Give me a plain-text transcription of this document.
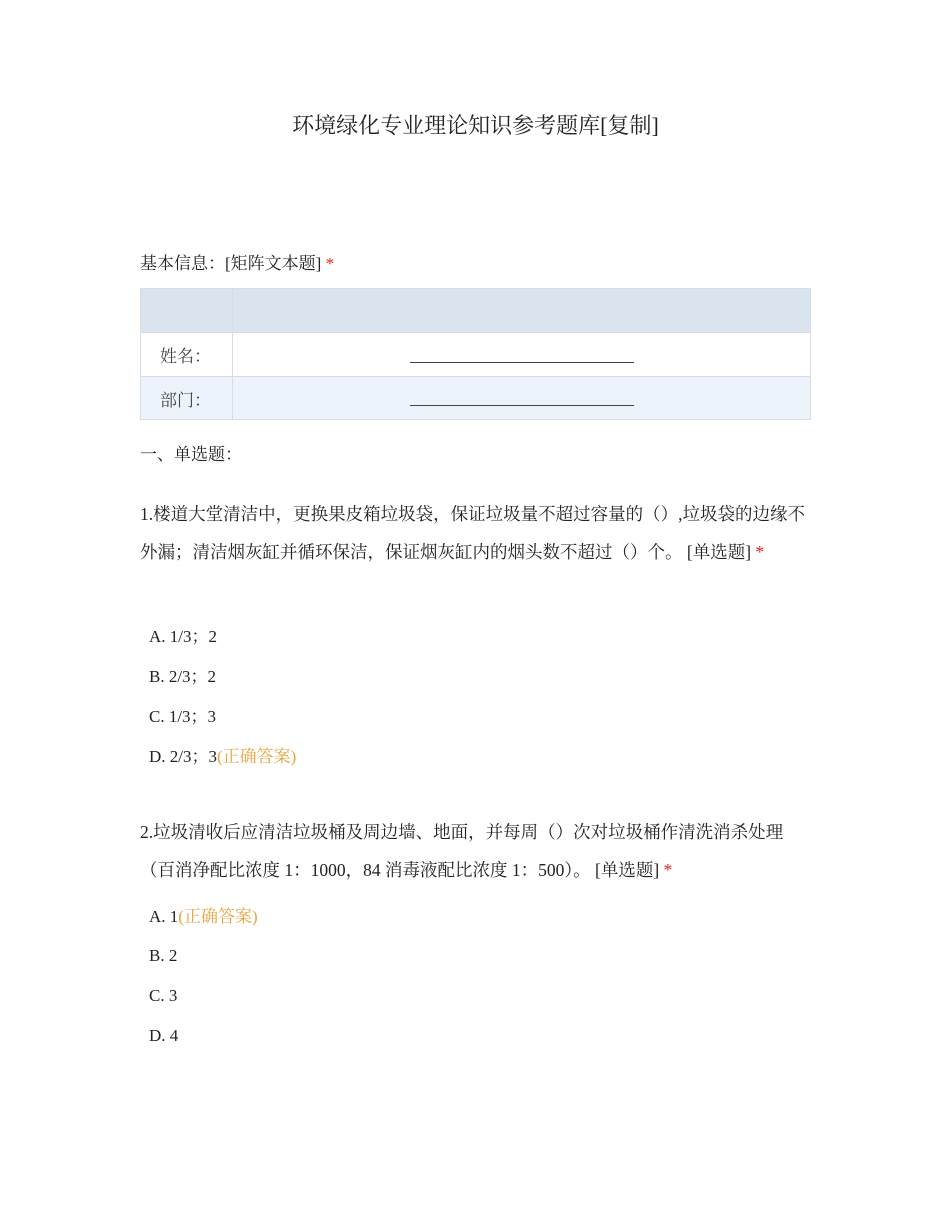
环境绿化专业理论知识参考题库[复制]
基本信息：[矩阵文本题] *

姓名：	
部门：	
一、单选题：
1.楼道大堂清洁中，更换果皮箱垃圾袋，保证垃圾量不超过容量的（）,垃圾袋的边缘不外漏；清洁烟灰缸并循环保洁，保证烟灰缸内的烟头数不超过（）个。 [单选题] *
A. 1/3；2
B. 2/3；2
C. 1/3；3
D. 2/3；3(正确答案)
2.垃圾清收后应清洁垃圾桶及周边墙、地面，并每周（）次对垃圾桶作清洗消杀处理（百消净配比浓度 1：1000，84 消毒液配比浓度 1：500）。 [单选题] *
A. 1(正确答案)
B. 2
C. 3
D. 4
